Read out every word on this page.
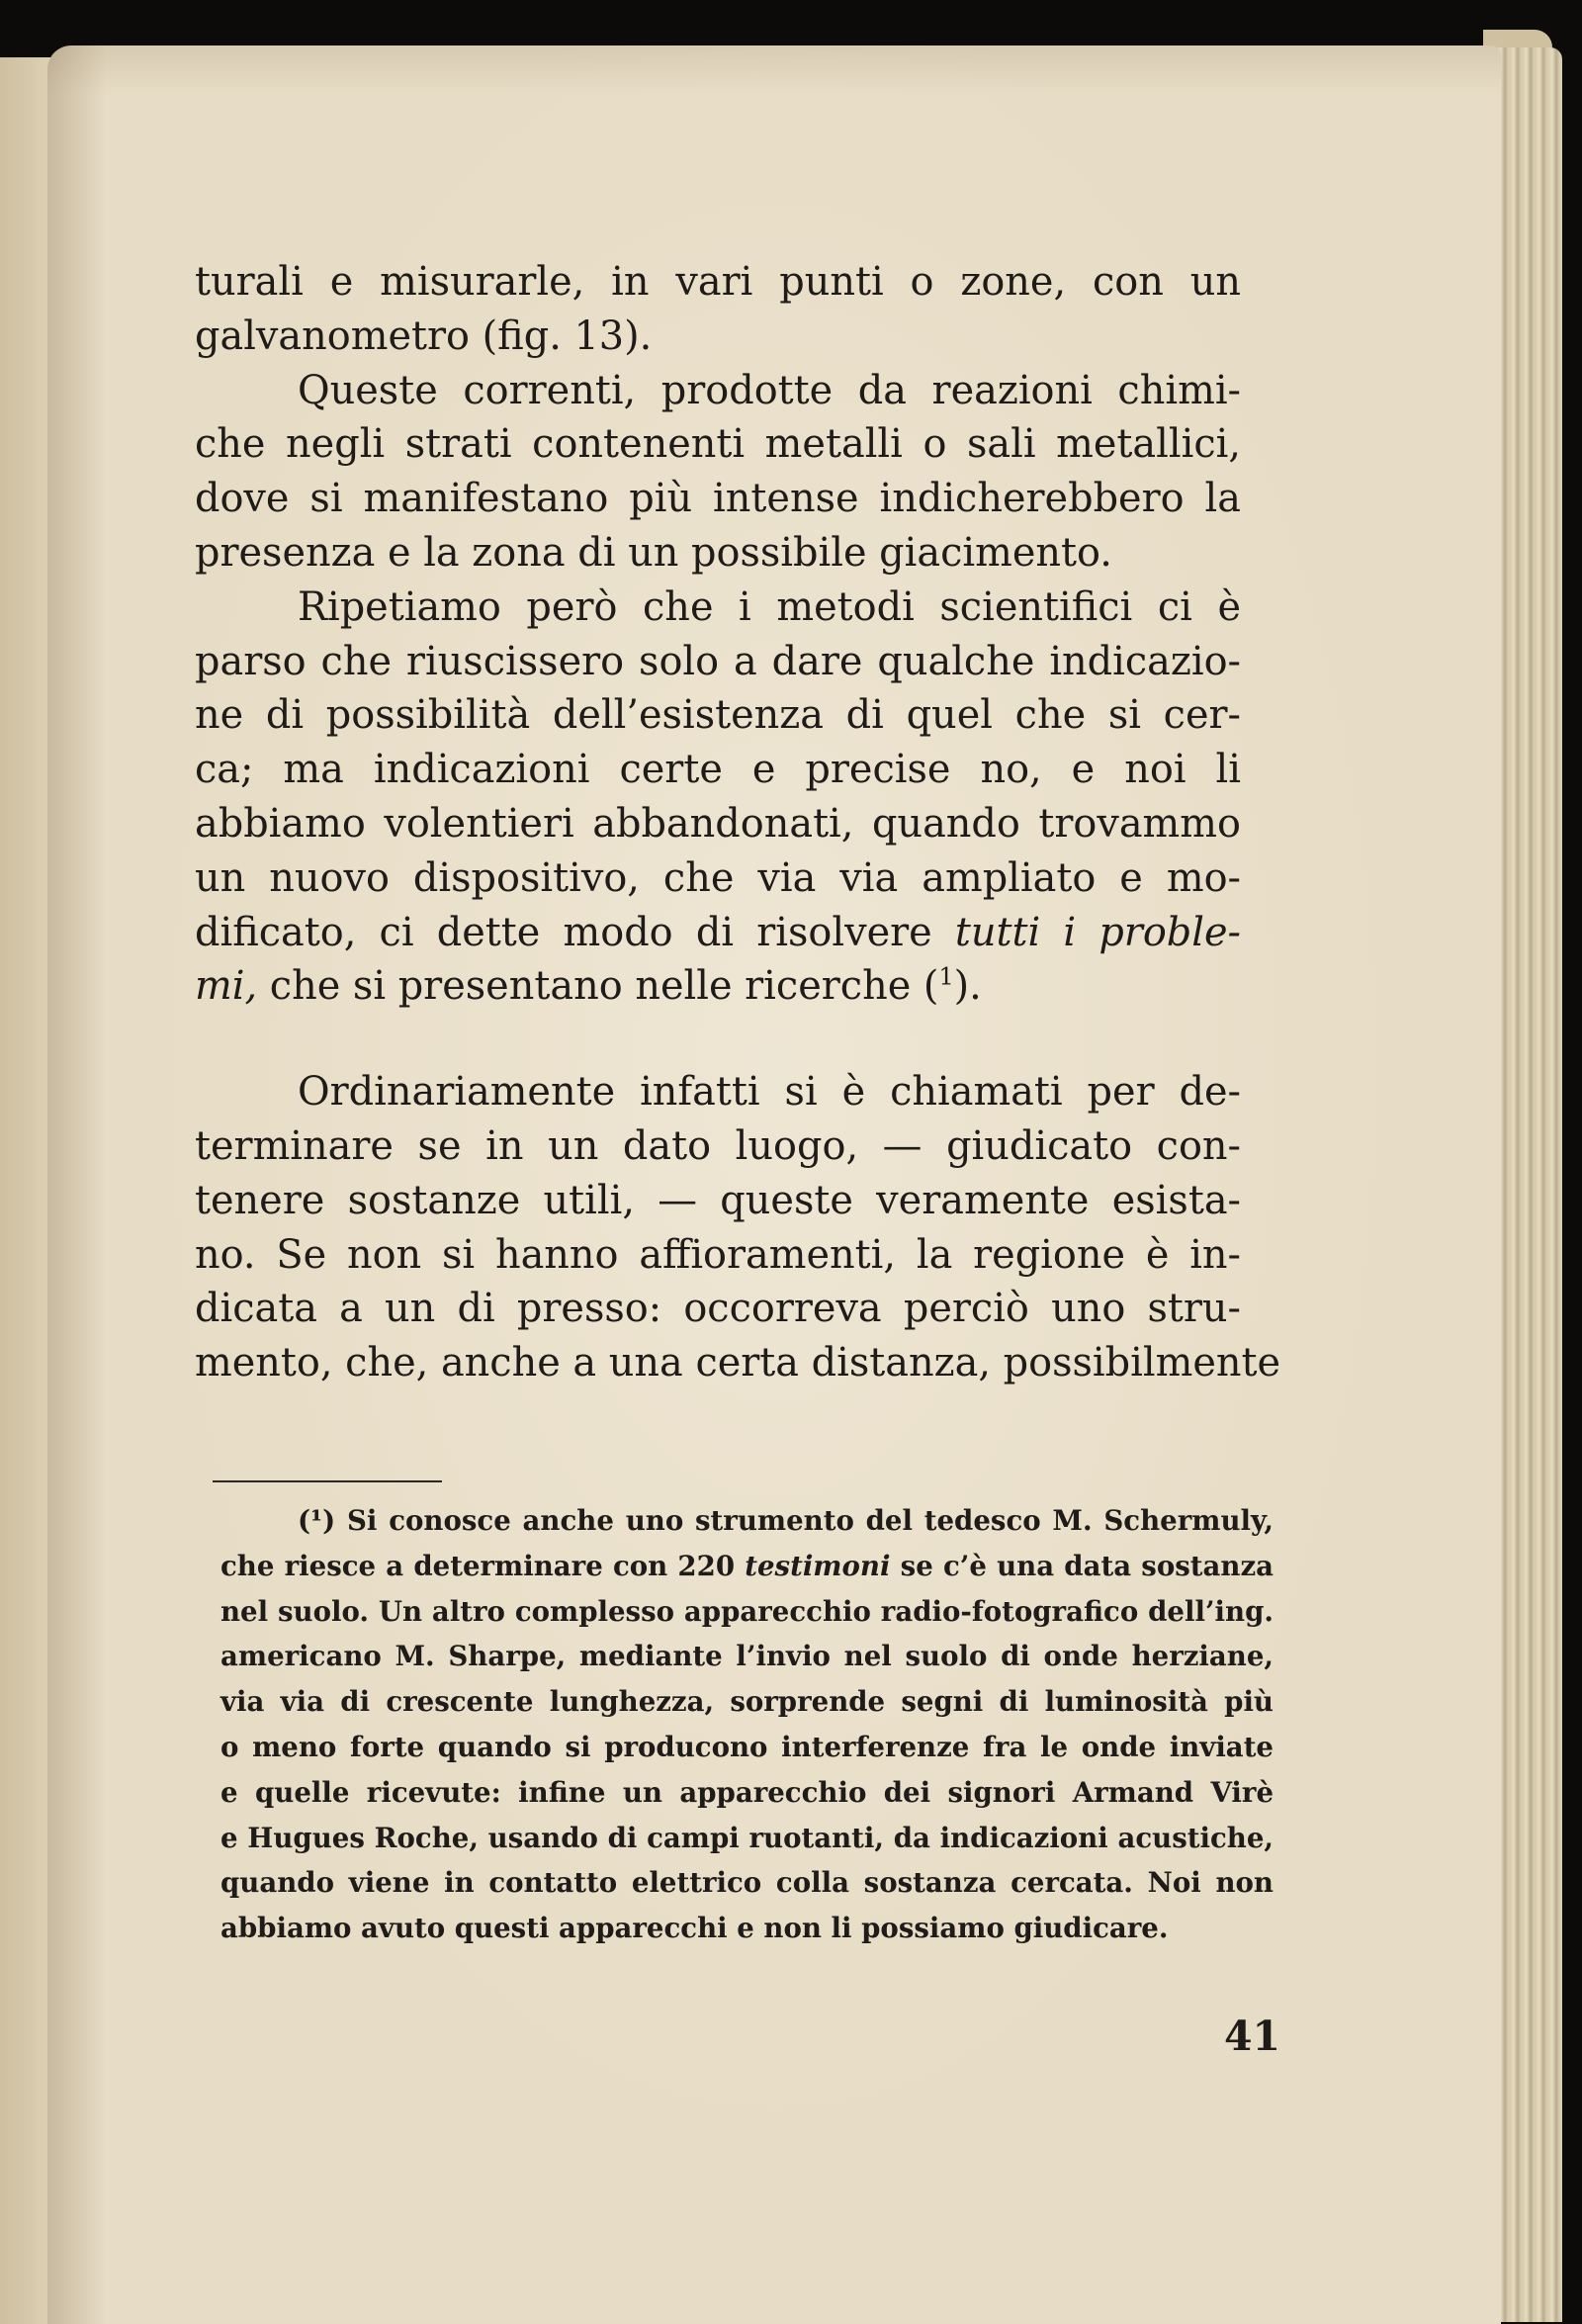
turali e misurarle, in vari punti o zone, con un
galvanometro (fig. 13).
Queste correnti, prodotte da reazioni chimi-
che negli strati contenenti metalli o sali metallici,
dove si manifestano più intense indicherebbero la
presenza e la zona di un possibile giacimento.
Ripetiamo però che i metodi scientifici ci è
parso che riuscissero solo a dare qualche indicazio-
ne di possibilità dell’esistenza di quel che si cer-
ca; ma indicazioni certe e precise no, e noi li
abbiamo volentieri abbandonati, quando trovammo
un nuovo dispositivo, che via via ampliato e mo-
dificato, ci dette modo di risolvere tutti i proble-
mi, che si presentano nelle ricerche ($^1$).
Ordinariamente infatti si è chiamati per de-
terminare se in un dato luogo, — giudicato con-
tenere sostanze utili, — queste veramente esista-
no. Se non si hanno affioramenti, la regione è in-
dicata a un di presso: occorreva perciò uno stru-
mento, che, anche a una certa distanza, possibilmente
(¹) Si conosce anche uno strumento del tedesco M. Schermuly,
che riesce a determinare con 220 testimoni se c’è una data sostanza
nel suolo. Un altro complesso apparecchio radio-fotografico dell’ing.
americano M. Sharpe, mediante l’invio nel suolo di onde herziane,
via via di crescente lunghezza, sorprende segni di luminosità più
o meno forte quando si producono interferenze fra le onde inviate
e quelle ricevute: infine un apparecchio dei signori Armand Virè
e Hugues Roche, usando di campi ruotanti, da indicazioni acustiche,
quando viene in contatto elettrico colla sostanza cercata. Noi non
abbiamo avuto questi apparecchi e non li possiamo giudicare.
41
